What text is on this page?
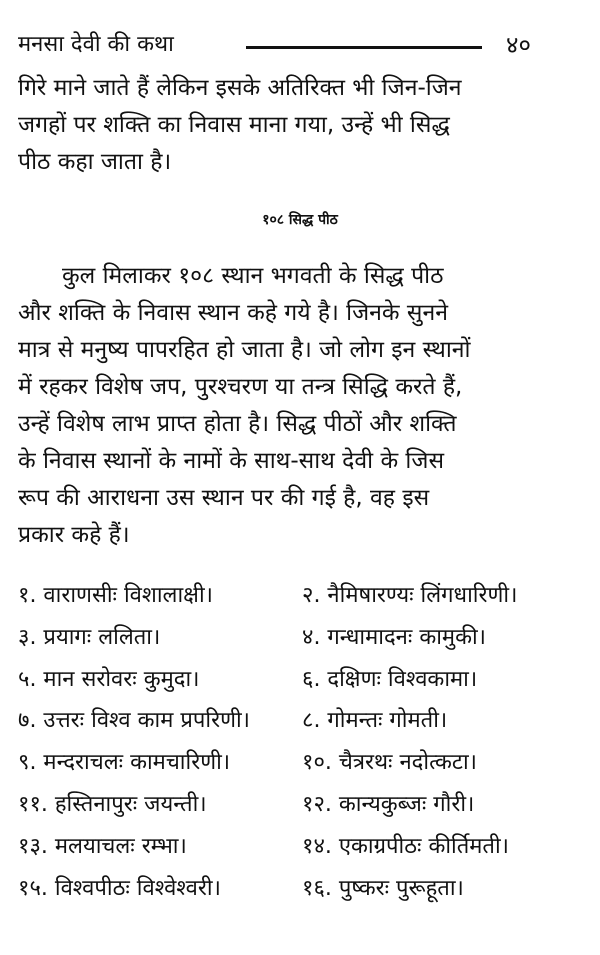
मनसा देवी की कथा	४०

गिरे माने जाते हैं लेकिन इसके अतिरिक्त भी जिन-जिन
जगहों पर शक्ति का निवास माना गया, उन्हें भी सिद्ध
पीठ कहा जाता है।

१०८ सिद्ध पीठ

कुल मिलाकर १०८ स्थान भगवती के सिद्ध पीठ
और शक्ति के निवास स्थान कहे गये है। जिनके सुनने
मात्र से मनुष्य पापरहित हो जाता है। जो लोग इन स्थानों
में रहकर विशेष जप, पुरश्चरण या तन्त्र सिद्धि करते हैं,
उन्हें विशेष लाभ प्राप्त होता है। सिद्ध पीठों और शक्ति
के निवास स्थानों के नामों के साथ-साथ देवी के जिस
रूप की आराधना उस स्थान पर की गई है, वह इस
प्रकार कहे हैं।

१. वाराणसीः विशालाक्षी।	२. नैमिषारण्यः लिंगधारिणी।
३. प्रयागः ललिता।	४. गन्धामादनः कामुकी।
५. मान सरोवरः कुमुदा।	६. दक्षिणः विश्वकामा।
७. उत्तरः विश्व काम प्रपरिणी। ८. गोमन्तः गोमती।
९. मन्दराचलः कामचारिणी।	१०. चैत्ररथः नदोत्कटा।
११. हस्तिनापुरः जयन्ती।	१२. कान्यकुब्जः गौरी।
१३. मलयाचलः रम्भा।	१४. एकाग्रपीठः कीर्तिमती।
१५. विश्वपीठः विश्वेश्वरी।	१६. पुष्करः पुरूहूता।
